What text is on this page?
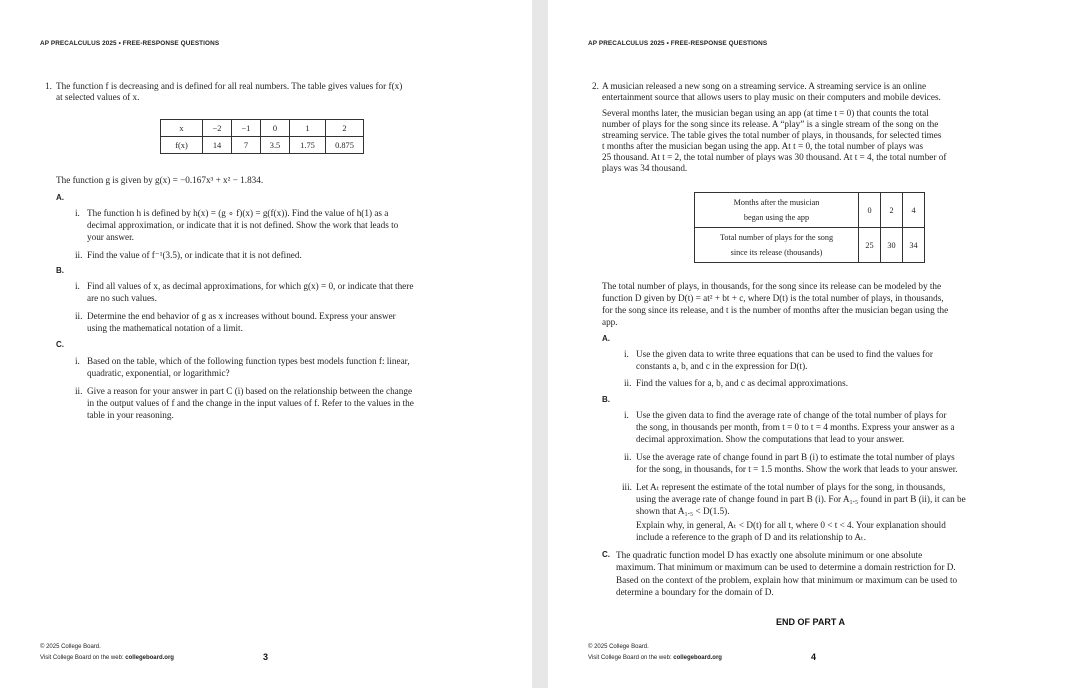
AP PRECALCULUS 2025 • FREE-RESPONSE QUESTIONS
1. The function f is decreasing and is defined for all real numbers. The table gives values for f(x)
at selected values of x.
x	−2	−1	0	1	2
f(x)	14	7	3.5	1.75	0.875
The function g is given by g(x) = −0.167x³ + x² − 1.834.
A.
i. The function h is defined by h(x) = (g ∘ f)(x) = g(f(x)). Find the value of h(1) as a
decimal approximation, or indicate that it is not defined. Show the work that leads to
your answer.
ii. Find the value of f⁻¹(3.5), or indicate that it is not defined.
B.
i. Find all values of x, as decimal approximations, for which g(x) = 0, or indicate that there
are no such values.
ii. Determine the end behavior of g as x increases without bound. Express your answer
using the mathematical notation of a limit.
C.
i. Based on the table, which of the following function types best models function f: linear,
quadratic, exponential, or logarithmic?
ii. Give a reason for your answer in part C (i) based on the relationship between the change
in the output values of f and the change in the input values of f. Refer to the values in the
table in your reasoning.
© 2025 College Board.
Visit College Board on the web: collegeboard.org	3
AP PRECALCULUS 2025 • FREE-RESPONSE QUESTIONS
2. A musician released a new song on a streaming service. A streaming service is an online
entertainment source that allows users to play music on their computers and mobile devices.
Several months later, the musician began using an app (at time t = 0) that counts the total
number of plays for the song since its release. A “play” is a single stream of the song on the
streaming service. The table gives the total number of plays, in thousands, for selected times
t months after the musician began using the app. At t = 0, the total number of plays was
25 thousand. At t = 2, the total number of plays was 30 thousand. At t = 4, the total number of
plays was 34 thousand.
Months after the musician
began using the app	0	2	4

Total number of plays for the song
since its release (thousands)	25	30	34
The total number of plays, in thousands, for the song since its release can be modeled by the
function D given by D(t) = at² + bt + c, where D(t) is the total number of plays, in thousands,
for the song since its release, and t is the number of months after the musician began using the
app.
A.
i. Use the given data to write three equations that can be used to find the values for
constants a, b, and c in the expression for D(t).
ii. Find the values for a, b, and c as decimal approximations.
B.
i. Use the given data to find the average rate of change of the total number of plays for
the song, in thousands per month, from t = 0 to t = 4 months. Express your answer as a
decimal approximation. Show the computations that lead to your answer.
ii. Use the average rate of change found in part B (i) to estimate the total number of plays
for the song, in thousands, for t = 1.5 months. Show the work that leads to your answer.
iii. Let Aₜ represent the estimate of the total number of plays for the song, in thousands,
using the average rate of change found in part B (i). For A₁.₅ found in part B (ii), it can be
shown that A₁.₅ < D(1.5).
Explain why, in general, Aₜ < D(t) for all t, where 0 < t < 4. Your explanation should
include a reference to the graph of D and its relationship to Aₜ.
C. The quadratic function model D has exactly one absolute minimum or one absolute
maximum. That minimum or maximum can be used to determine a domain restriction for D.
Based on the context of the problem, explain how that minimum or maximum can be used to
determine a boundary for the domain of D.
END OF PART A
© 2025 College Board.
Visit College Board on the web: collegeboard.org	4
